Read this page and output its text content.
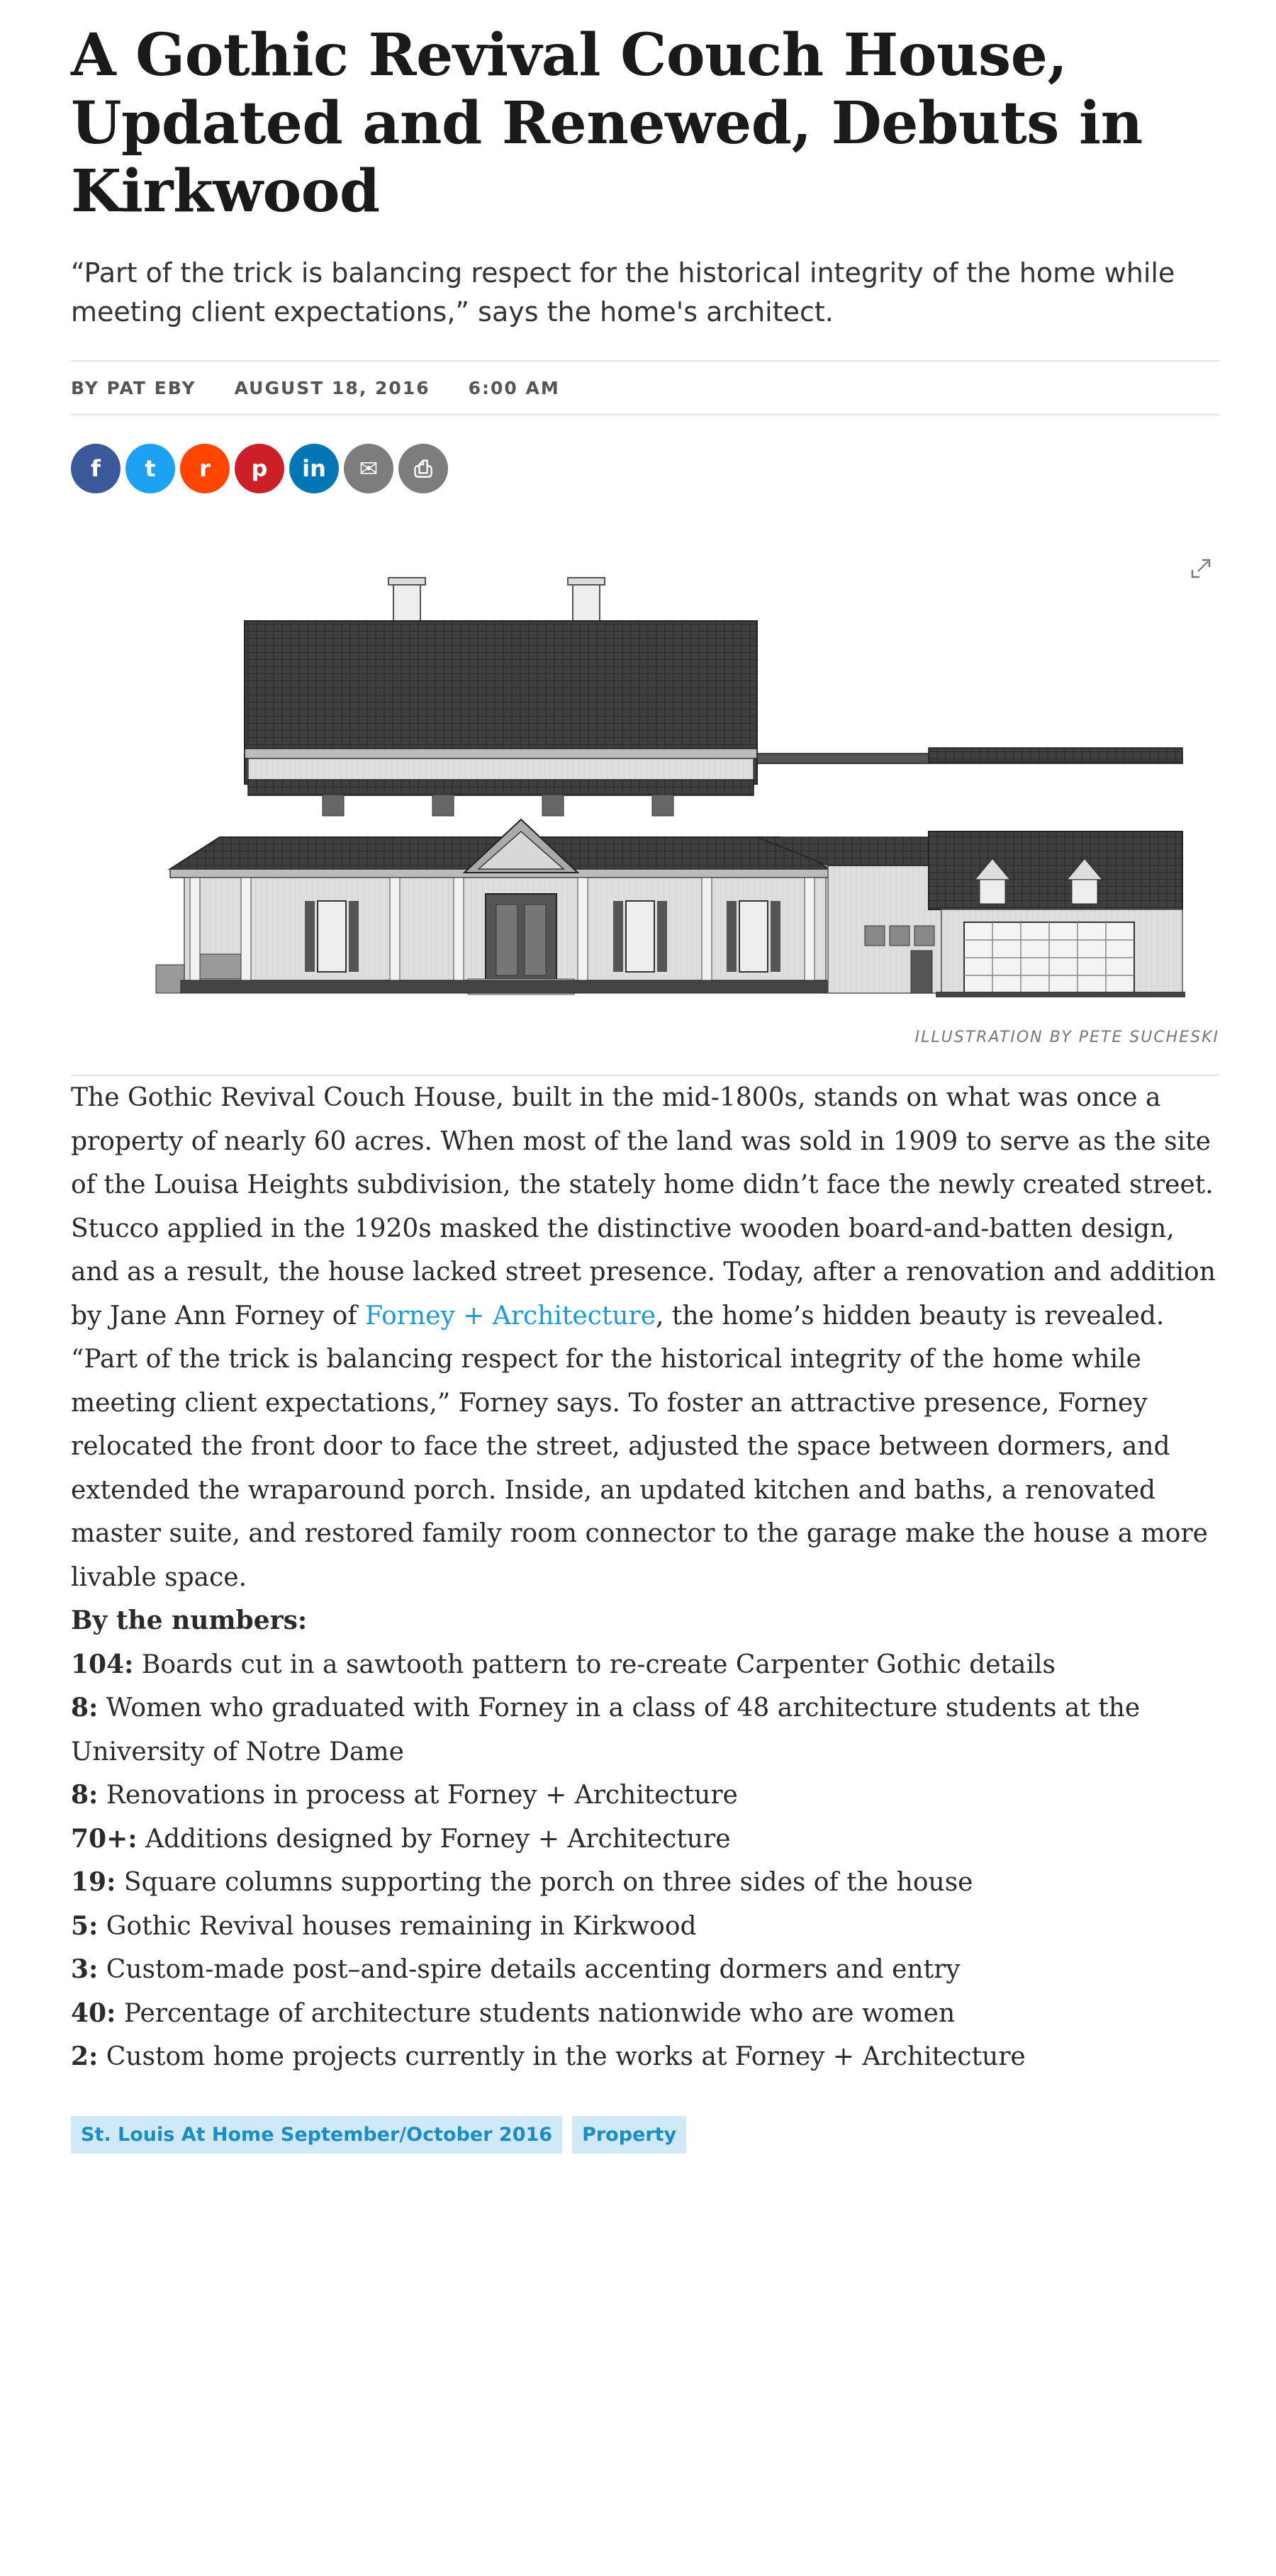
A Gothic Revival Couch House, Updated and Renewed, Debuts in Kirkwood
“Part of the trick is balancing respect for the historical integrity of the home while meeting client expectations,” says the home's architect.
BY PAT EBY AUGUST 18, 2016 6:00 AM
f	t	r	p	in	✉	⎙
ILLUSTRATION BY PETE SUCHESKI

The Gothic Revival Couch House, built in the mid-1800s, stands on what was once a property of nearly 60 acres. When most of the land was sold in 1909 to serve as the site of the Louisa Heights subdivision, the stately home didn’t face the newly created street. Stucco applied in the 1920s masked the distinctive wooden board-and-batten design, and as a result, the house lacked street presence. Today, after a renovation and addition by Jane Ann Forney of Forney + Architecture, the home’s hidden beauty is revealed. “Part of the trick is balancing respect for the historical integrity of the home while meeting client expectations,” Forney says. To foster an attractive presence, Forney relocated the front door to face the street, adjusted the space between dormers, and extended the wraparound porch. Inside, an updated kitchen and baths, a renovated master suite, and restored family room connector to the garage make the house a more livable space.

By the numbers:

104: Boards cut in a sawtooth pattern to re-create Carpenter Gothic details

8: Women who graduated with Forney in a class of 48 architecture students at the University of Notre Dame

8: Renovations in process at Forney + Architecture

70+: Additions designed by Forney + Architecture

19: Square columns supporting the porch on three sides of the house

5: Gothic Revival houses remaining in Kirkwood

3: Custom-made post–and-spire details accenting dormers and entry

40: Percentage of architecture students nationwide who are women

2: Custom home projects currently in the works at Forney + Architecture

St. Louis At Home September/October 2016	Property
